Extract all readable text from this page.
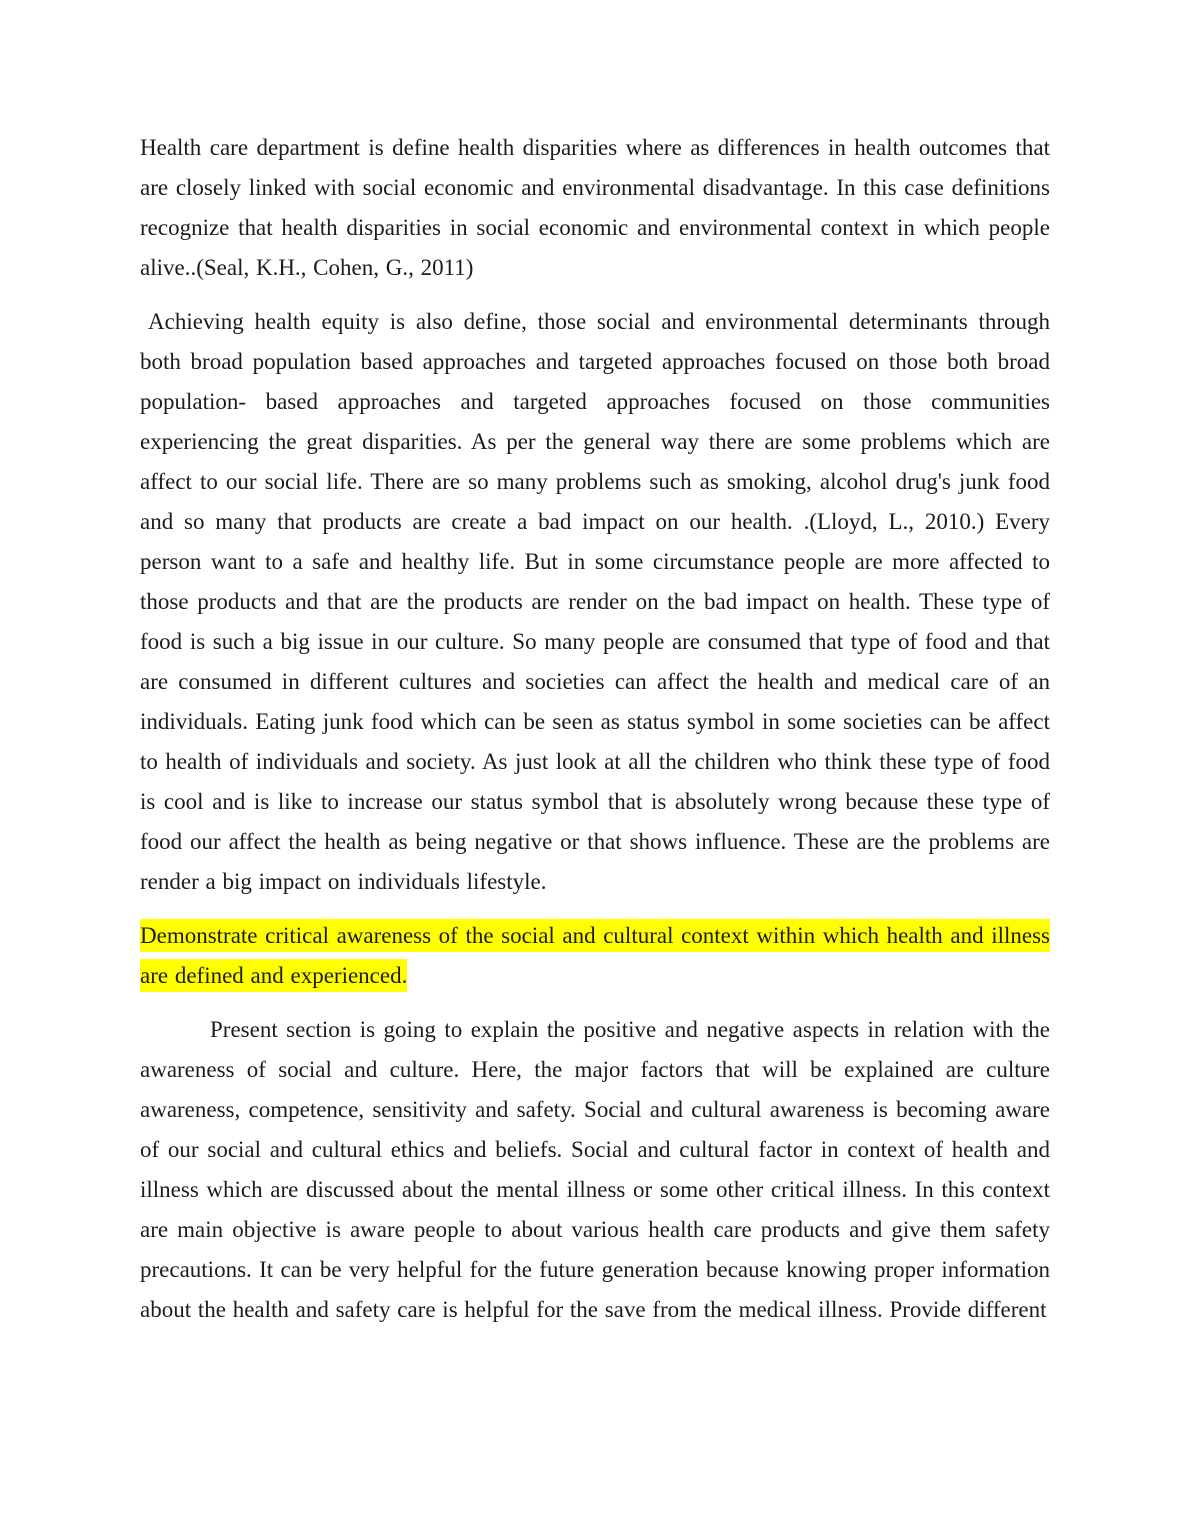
Health care department is define health disparities where as differences in health outcomes that are closely linked with social economic and environmental disadvantage. In this case definitions recognize that health disparities in social economic and environmental context in which people alive..(Seal, K.H., Cohen, G., 2011)

Achieving health equity is also define, those social and environmental determinants through both broad population based approaches and targeted approaches focused on those both broad population- based approaches and targeted approaches focused on those communities experiencing the great disparities. As per the general way there are some problems which are affect to our social life. There are so many problems such as smoking, alcohol drug's junk food and so many that products are create a bad impact on our health. .(Lloyd, L., 2010.) Every person want to a safe and healthy life. But in some circumstance people are more affected to those products and that are the products are render on the bad impact on health. These type of food is such a big issue in our culture. So many people are consumed that type of food and that are consumed in different cultures and societies can affect the health and medical care of an individuals. Eating junk food which can be seen as status symbol in some societies can be affect to health of individuals and society. As just look at all the children who think these type of food is cool and is like to increase our status symbol that is absolutely wrong because these type of food our affect the health as being negative or that shows influence. These are the problems are render a big impact on individuals lifestyle.

Demonstrate critical awareness of the social and cultural context within which health and illness are defined and experienced.

Present section is going to explain the positive and negative aspects in relation with the awareness of social and culture. Here, the major factors that will be explained are culture awareness, competence, sensitivity and safety. Social and cultural awareness is becoming aware of our social and cultural ethics and beliefs. Social and cultural factor in context of health and illness which are discussed about the mental illness or some other critical illness. In this context are main objective is aware people to about various health care products and give them safety precautions. It can be very helpful for the future generation because knowing proper information about the health and safety care is helpful for the save from the medical illness. Provide different
